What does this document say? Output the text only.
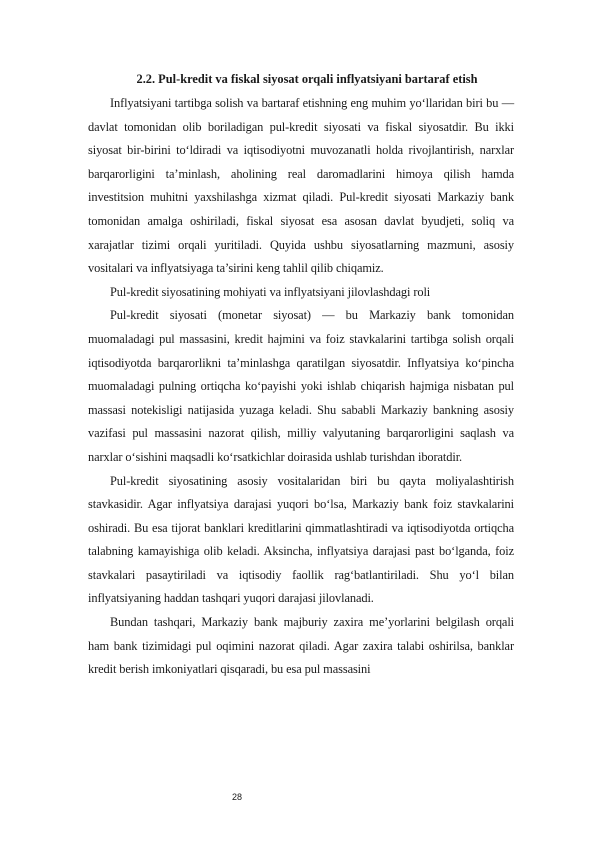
2.2. Pul-kredit va fiskal siyosat orqali inflyatsiyani bartaraf etish

Inflyatsiyani tartibga solish va bartaraf etishning eng muhim yo‘llaridan biri bu — davlat tomonidan olib boriladigan pul-kredit siyosati va fiskal siyosatdir. Bu ikki siyosat bir-birini to‘ldiradi va iqtisodiyotni muvozanatli holda rivojlantirish, narxlar barqarorligini ta’minlash, aholining real daromadlarini himoya qilish hamda investitsion muhitni yaxshilashga xizmat qiladi. Pul-kredit siyosati Markaziy bank tomonidan amalga oshiriladi, fiskal siyosat esa asosan davlat byudjeti, soliq va xarajatlar tizimi orqali yuritiladi. Quyida ushbu siyosatlarning mazmuni, asosiy vositalari va inflyatsiyaga ta’sirini keng tahlil qilib chiqamiz.

Pul-kredit siyosatining mohiyati va inflyatsiyani jilovlashdagi roli

Pul-kredit siyosati (monetar siyosat) — bu Markaziy bank tomonidan muomaladagi pul massasini, kredit hajmini va foiz stavkalarini tartibga solish orqali iqtisodiyotda barqarorlikni ta’minlashga qaratilgan siyosatdir. Inflyatsiya ko‘pincha muomaladagi pulning ortiqcha ko‘payishi yoki ishlab chiqarish hajmiga nisbatan pul massasi notekisligi natijasida yuzaga keladi. Shu sababli Markaziy bankning asosiy vazifasi pul massasini nazorat qilish, milliy valyutaning barqarorligini saqlash va narxlar o‘sishini maqsadli ko‘rsatkichlar doirasida ushlab turishdan iboratdir.

Pul-kredit siyosatining asosiy vositalaridan biri bu qayta moliyalashtirish stavkasidir. Agar inflyatsiya darajasi yuqori bo‘lsa, Markaziy bank foiz stavkalarini oshiradi. Bu esa tijorat banklari kreditlarini qimmatlashtiradi va iqtisodiyotda ortiqcha talabning kamayishiga olib keladi. Aksincha, inflyatsiya darajasi past bo‘lganda, foiz stavkalari pasaytiriladi va iqtisodiy faollik rag‘batlantiriladi. Shu yo‘l bilan inflyatsiyaning haddan tashqari yuqori darajasi jilovlanadi.

Bundan tashqari, Markaziy bank majburiy zaxira me’yorlarini belgilash orqali ham bank tizimidagi pul oqimini nazorat qiladi. Agar zaxira talabi oshirilsa, banklar kredit berish imkoniyatlari qisqaradi, bu esa pul massasini

28
